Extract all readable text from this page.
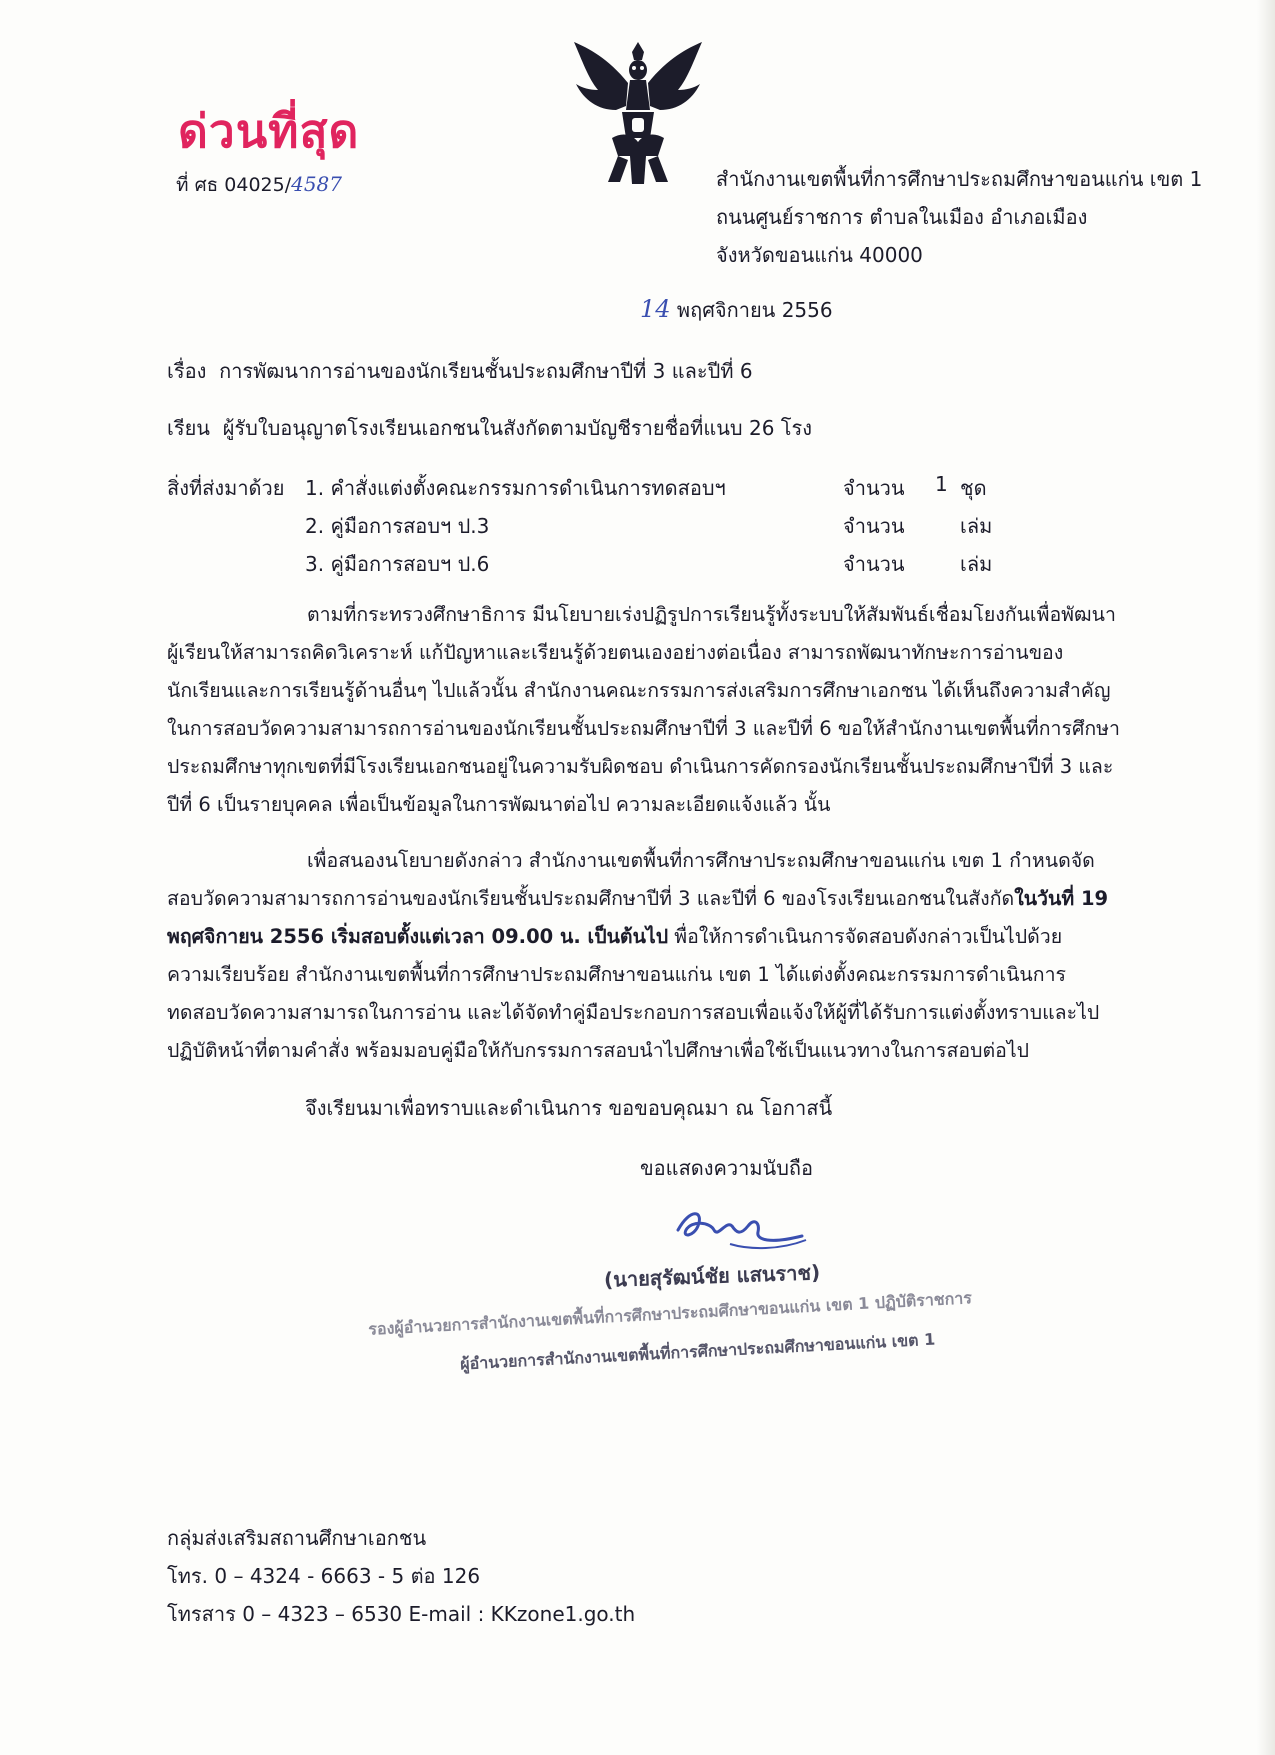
ด่วนที่สุด
ที่ ศธ 04025/4587	สำนักงานเขตพื้นที่การศึกษาประถมศึกษาขอนแก่น เขต 1
ถนนศูนย์ราชการ ตำบลในเมือง อำเภอเมือง
จังหวัดขอนแก่น 40000
14 พฤศจิกายน 2556
เรื่อง การพัฒนาการอ่านของนักเรียนชั้นประถมศึกษาปีที่ 3 และปีที่ 6
เรียน ผู้รับใบอนุญาตโรงเรียนเอกชนในสังกัดตามบัญชีรายชื่อที่แนบ 26 โรง
สิ่งที่ส่งมาด้วย 1. คำสั่งแต่งตั้งคณะกรรมการดำเนินการทดสอบฯ	จำนวน 1 ชุด
2. คู่มือการสอบฯ ป.3	จำนวน	เล่ม
3. คู่มือการสอบฯ ป.6	จำนวน	เล่ม
ตามที่กระทรวงศึกษาธิการ มีนโยบายเร่งปฏิรูปการเรียนรู้ทั้งระบบให้สัมพันธ์เชื่อมโยงกันเพื่อพัฒนา
ผู้เรียนให้สามารถคิดวิเคราะห์ แก้ปัญหาและเรียนรู้ด้วยตนเองอย่างต่อเนื่อง สามารถพัฒนาทักษะการอ่านของ
นักเรียนและการเรียนรู้ด้านอื่นๆ ไปแล้วนั้น สำนักงานคณะกรรมการส่งเสริมการศึกษาเอกชน ได้เห็นถึงความสำคัญ
ในการสอบวัดความสามารถการอ่านของนักเรียนชั้นประถมศึกษาปีที่ 3 และปีที่ 6 ขอให้สำนักงานเขตพื้นที่การศึกษา
ประถมศึกษาทุกเขตที่มีโรงเรียนเอกชนอยู่ในความรับผิดชอบ ดำเนินการคัดกรองนักเรียนชั้นประถมศึกษาปีที่ 3 และ
ปีที่ 6 เป็นรายบุคคล เพื่อเป็นข้อมูลในการพัฒนาต่อไป ความละเอียดแจ้งแล้ว นั้น
เพื่อสนองนโยบายดังกล่าว สำนักงานเขตพื้นที่การศึกษาประถมศึกษาขอนแก่น เขต 1 กำหนดจัด
สอบวัดความสามารถการอ่านของนักเรียนชั้นประถมศึกษาปีที่ 3 และปีที่ 6 ของโรงเรียนเอกชนในสังกัดในวันที่ 19
พฤศจิกายน 2556 เริ่มสอบตั้งแต่เวลา 09.00 น. เป็นต้นไป พื่อให้การดำเนินการจัดสอบดังกล่าวเป็นไปด้วย
ความเรียบร้อย สำนักงานเขตพื้นที่การศึกษาประถมศึกษาขอนแก่น เขต 1 ได้แต่งตั้งคณะกรรมการดำเนินการ
ทดสอบวัดความสามารถในการอ่าน และได้จัดทำคู่มือประกอบการสอบเพื่อแจ้งให้ผู้ที่ได้รับการแต่งตั้งทราบและไป
ปฏิบัติหน้าที่ตามคำสั่ง พร้อมมอบคู่มือให้กับกรรมการสอบนำไปศึกษาเพื่อใช้เป็นแนวทางในการสอบต่อไป
จึงเรียนมาเพื่อทราบและดำเนินการ ขอขอบคุณมา ณ โอกาสนี้
ขอแสดงความนับถือ
(นายสุรัฒน์ชัย แสนราช)
รองผู้อำนวยการสำนักงานเขตพื้นที่การศึกษาประถมศึกษาขอนแก่น เขต 1 ปฏิบัติราชการ
ผู้อำนวยการสำนักงานเขตพื้นที่การศึกษาประถมศึกษาขอนแก่น เขต 1
กลุ่มส่งเสริมสถานศึกษาเอกชน
โทร. 0 – 4324 - 6663 - 5 ต่อ 126
โทรสาร 0 – 4323 – 6530 E-mail : KKzone1.go.th
